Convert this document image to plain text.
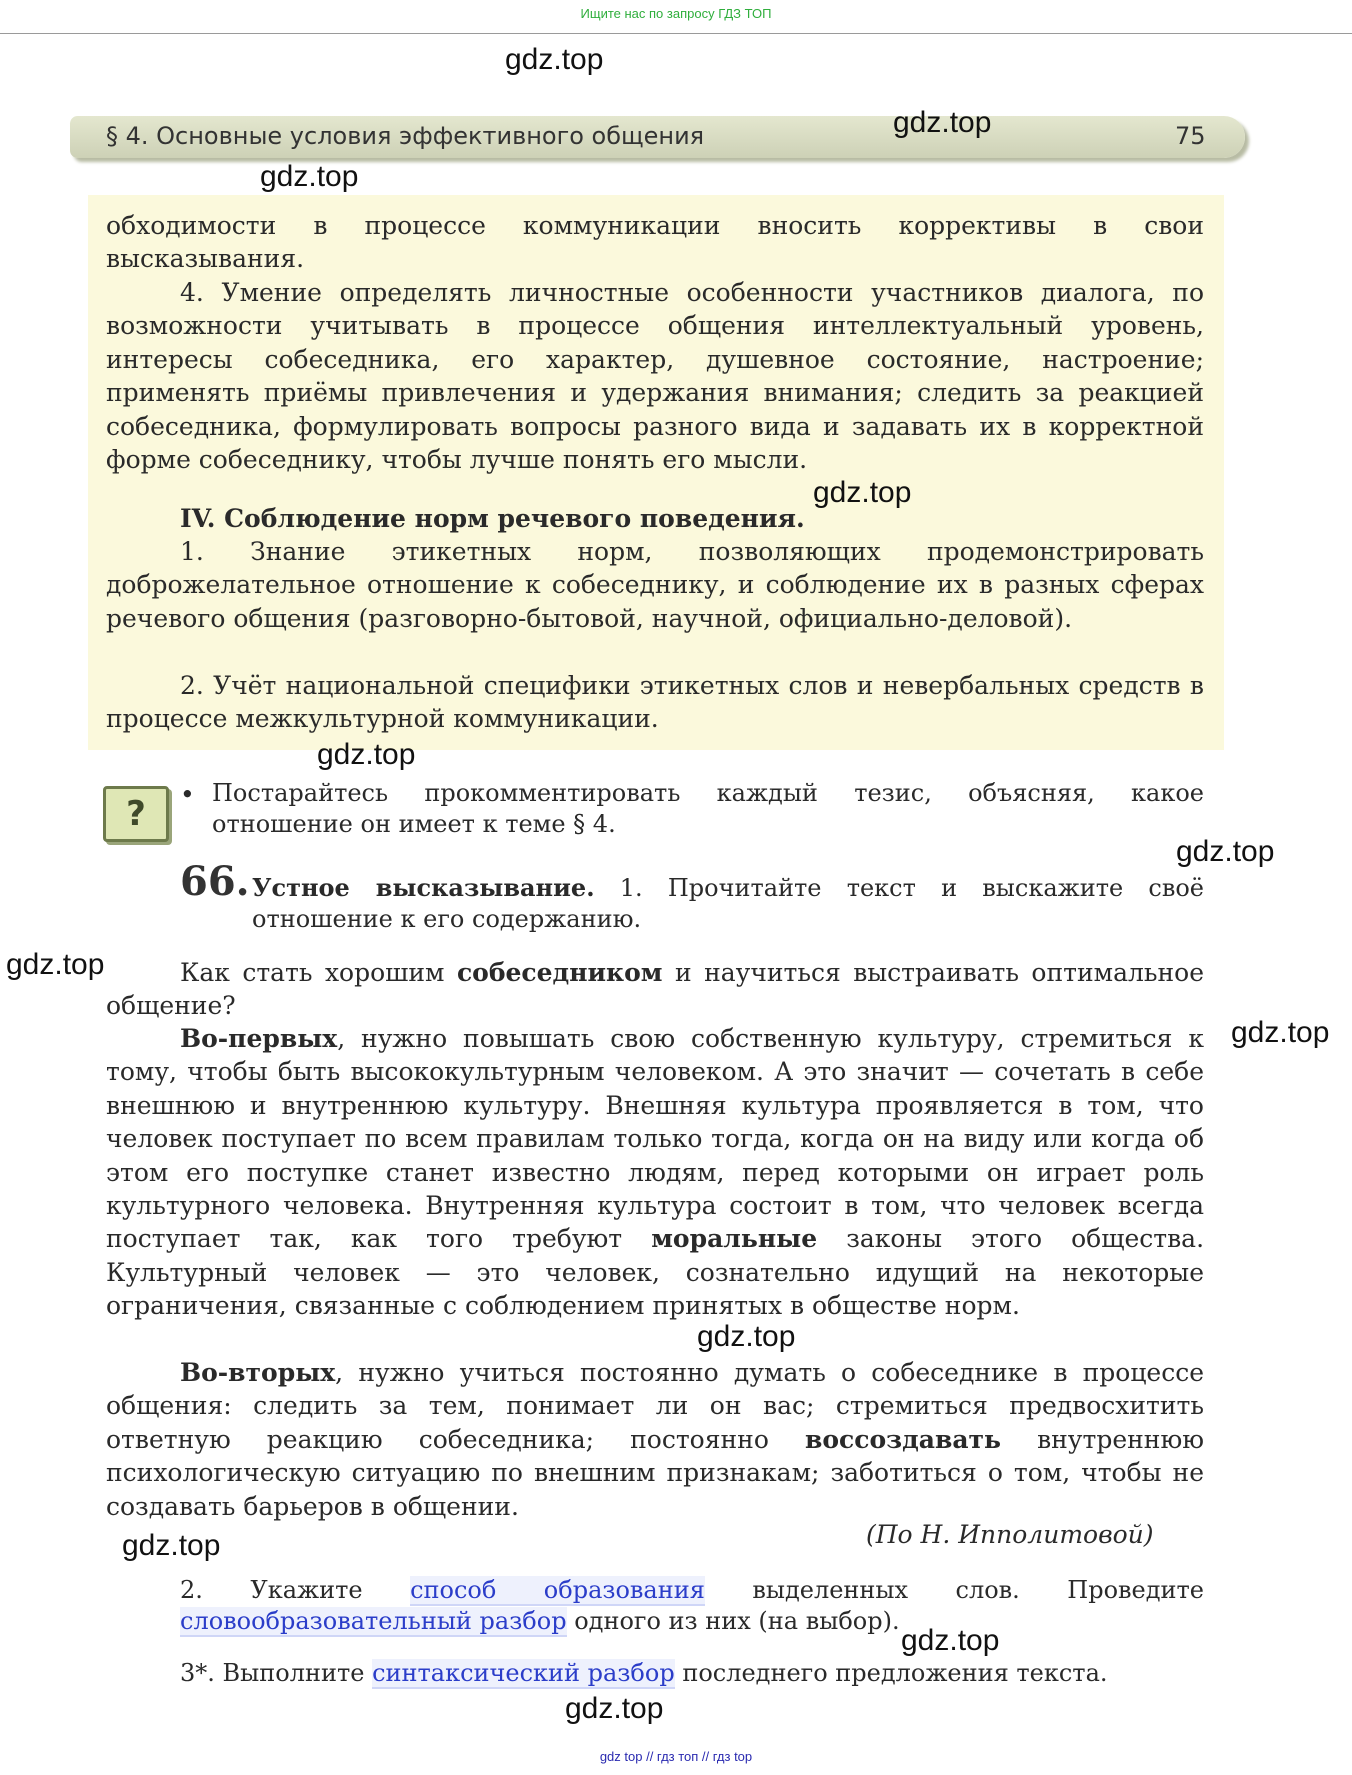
Ищите нас по запросу ГДЗ ТОП
§ 4. Основные условия эффективного общения	75

обходимости в процессе коммуникации вносить коррективы в свои высказывания.

4. Умение определять личностные особенности участников диалога, по возможности учитывать в процессе общения интеллектуальный уровень, интересы собеседника, его характер, душевное состояние, настроение; применять приёмы привлечения и удержания внимания; следить за реакцией собеседника, формулировать вопросы разного вида и задавать их в корректной форме собеседнику, чтобы лучше понять его мысли.

IV. Соблюдение норм речевого поведения.

1. Знание этикетных норм, позволяющих продемонстрировать доброжелательное отношение к собеседнику, и соблюдение их в разных сферах речевого общения (разговорно-бытовой, научной, официально-деловой).

2. Учёт национальной специфики этикетных слов и невербальных средств в процессе межкультурной коммуникации.

?	• Постарайтесь прокомментировать каждый тезис, объясняя, какое отношение он имеет к теме § 4.

66. Устное высказывание. 1. Прочитайте текст и выскажите своё отношение к его содержанию.

Как стать хорошим собеседником и научиться выстраивать оптимальное общение?

Во-первых, нужно повышать свою собственную культуру, стремиться к тому, чтобы быть высококультурным человеком. А это значит — сочетать в себе внешнюю и внутреннюю культуру. Внешняя культура проявляется в том, что человек поступает по всем правилам только тогда, когда он на виду или когда об этом его поступке станет известно людям, перед которыми он играет роль культурного человека. Внутренняя культура состоит в том, что человек всегда поступает так, как того требуют моральные законы этого общества. Культурный человек — это человек, сознательно идущий на некоторые ограничения, связанные с соблюдением принятых в обществе норм.

Во-вторых, нужно учиться постоянно думать о собеседнике в процессе общения: следить за тем, понимает ли он вас; стремиться предвосхитить ответную реакцию собеседника; постоянно воссоздавать внутреннюю психологическую ситуацию по внешним признакам; заботиться о том, чтобы не создавать барьеров в общении.

(По Н. Ипполитовой)

2. Укажите способ образования выделенных слов. Проведите словообразовательный разбор одного из них (на выбор).

3*. Выполните синтаксический разбор последнего предложения текста.

gdz.top
gdz.top
gdz.top
gdz.top
gdz.top
gdz.top
gdz.top
gdz.top
gdz.top
gdz.top
gdz.top
gdz.top
gdz top // гдз топ // гдз top
